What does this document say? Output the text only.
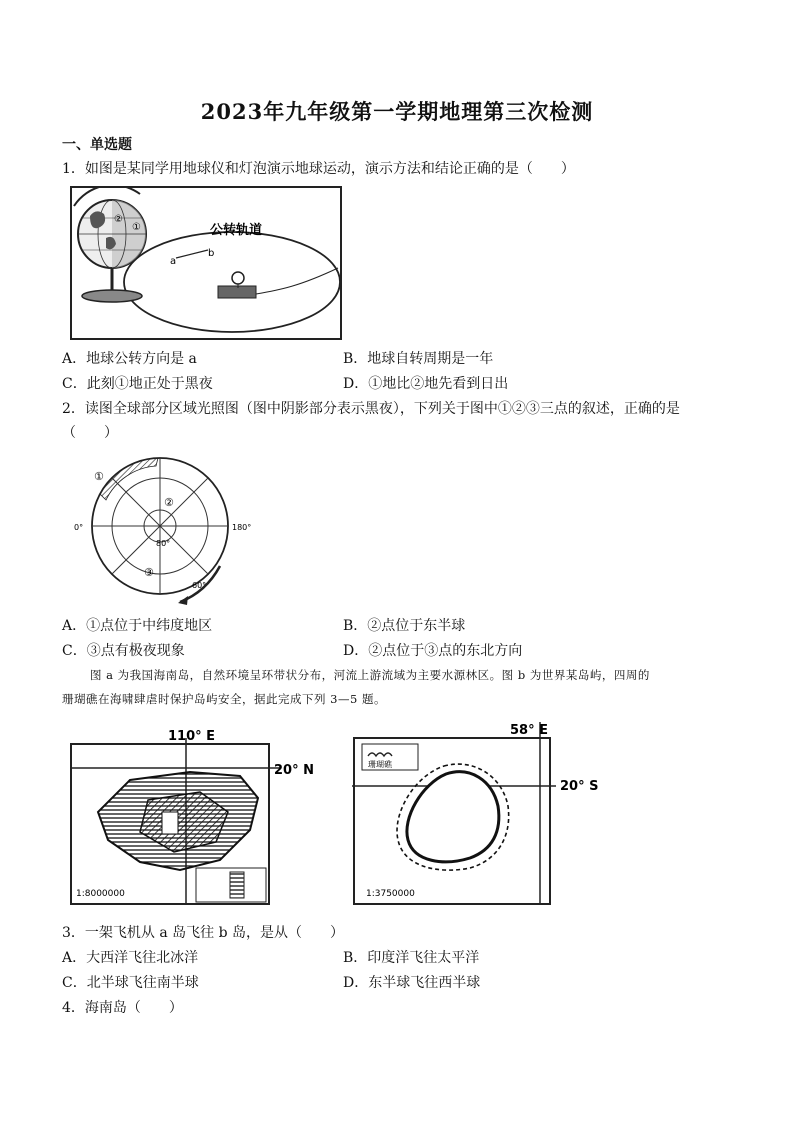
2023年九年级第一学期地理第三次检测
一、单选题
1．如图是某同学用地球仪和灯泡演示地球运动，演示方法和结论正确的是（　　）
②
①	公转轨道
a
b
A．地球公转方向是 a	B．地球自转周期是一年
C．此刻①地正处于黑夜	D．①地比②地先看到日出
2．读图全球部分区域光照图（图中阴影部分表示黑夜），下列关于图中①②③三点的叙述，正确的是
（　　）
0°	180°
80°
60°
①
②
③
A．①点位于中纬度地区	B．②点位于东半球
C．③点有极夜现象	D．②点位于③点的东北方向
图 a 为我国海南岛，自然环境呈环带状分布，河流上游流域为主要水源林区。图 b 为世界某岛屿，四周的
珊瑚礁在海啸肆虐时保护岛屿安全，据此完成下列 3—5 题。
110° E
20° N
1:8000000
58° E
20° S
珊瑚礁
1:3750000
3．一架飞机从 a 岛飞往 b 岛，是从（　　）
A．大西洋飞往北冰洋	B．印度洋飞往太平洋
C．北半球飞往南半球	D．东半球飞往西半球
4．海南岛（　　）
